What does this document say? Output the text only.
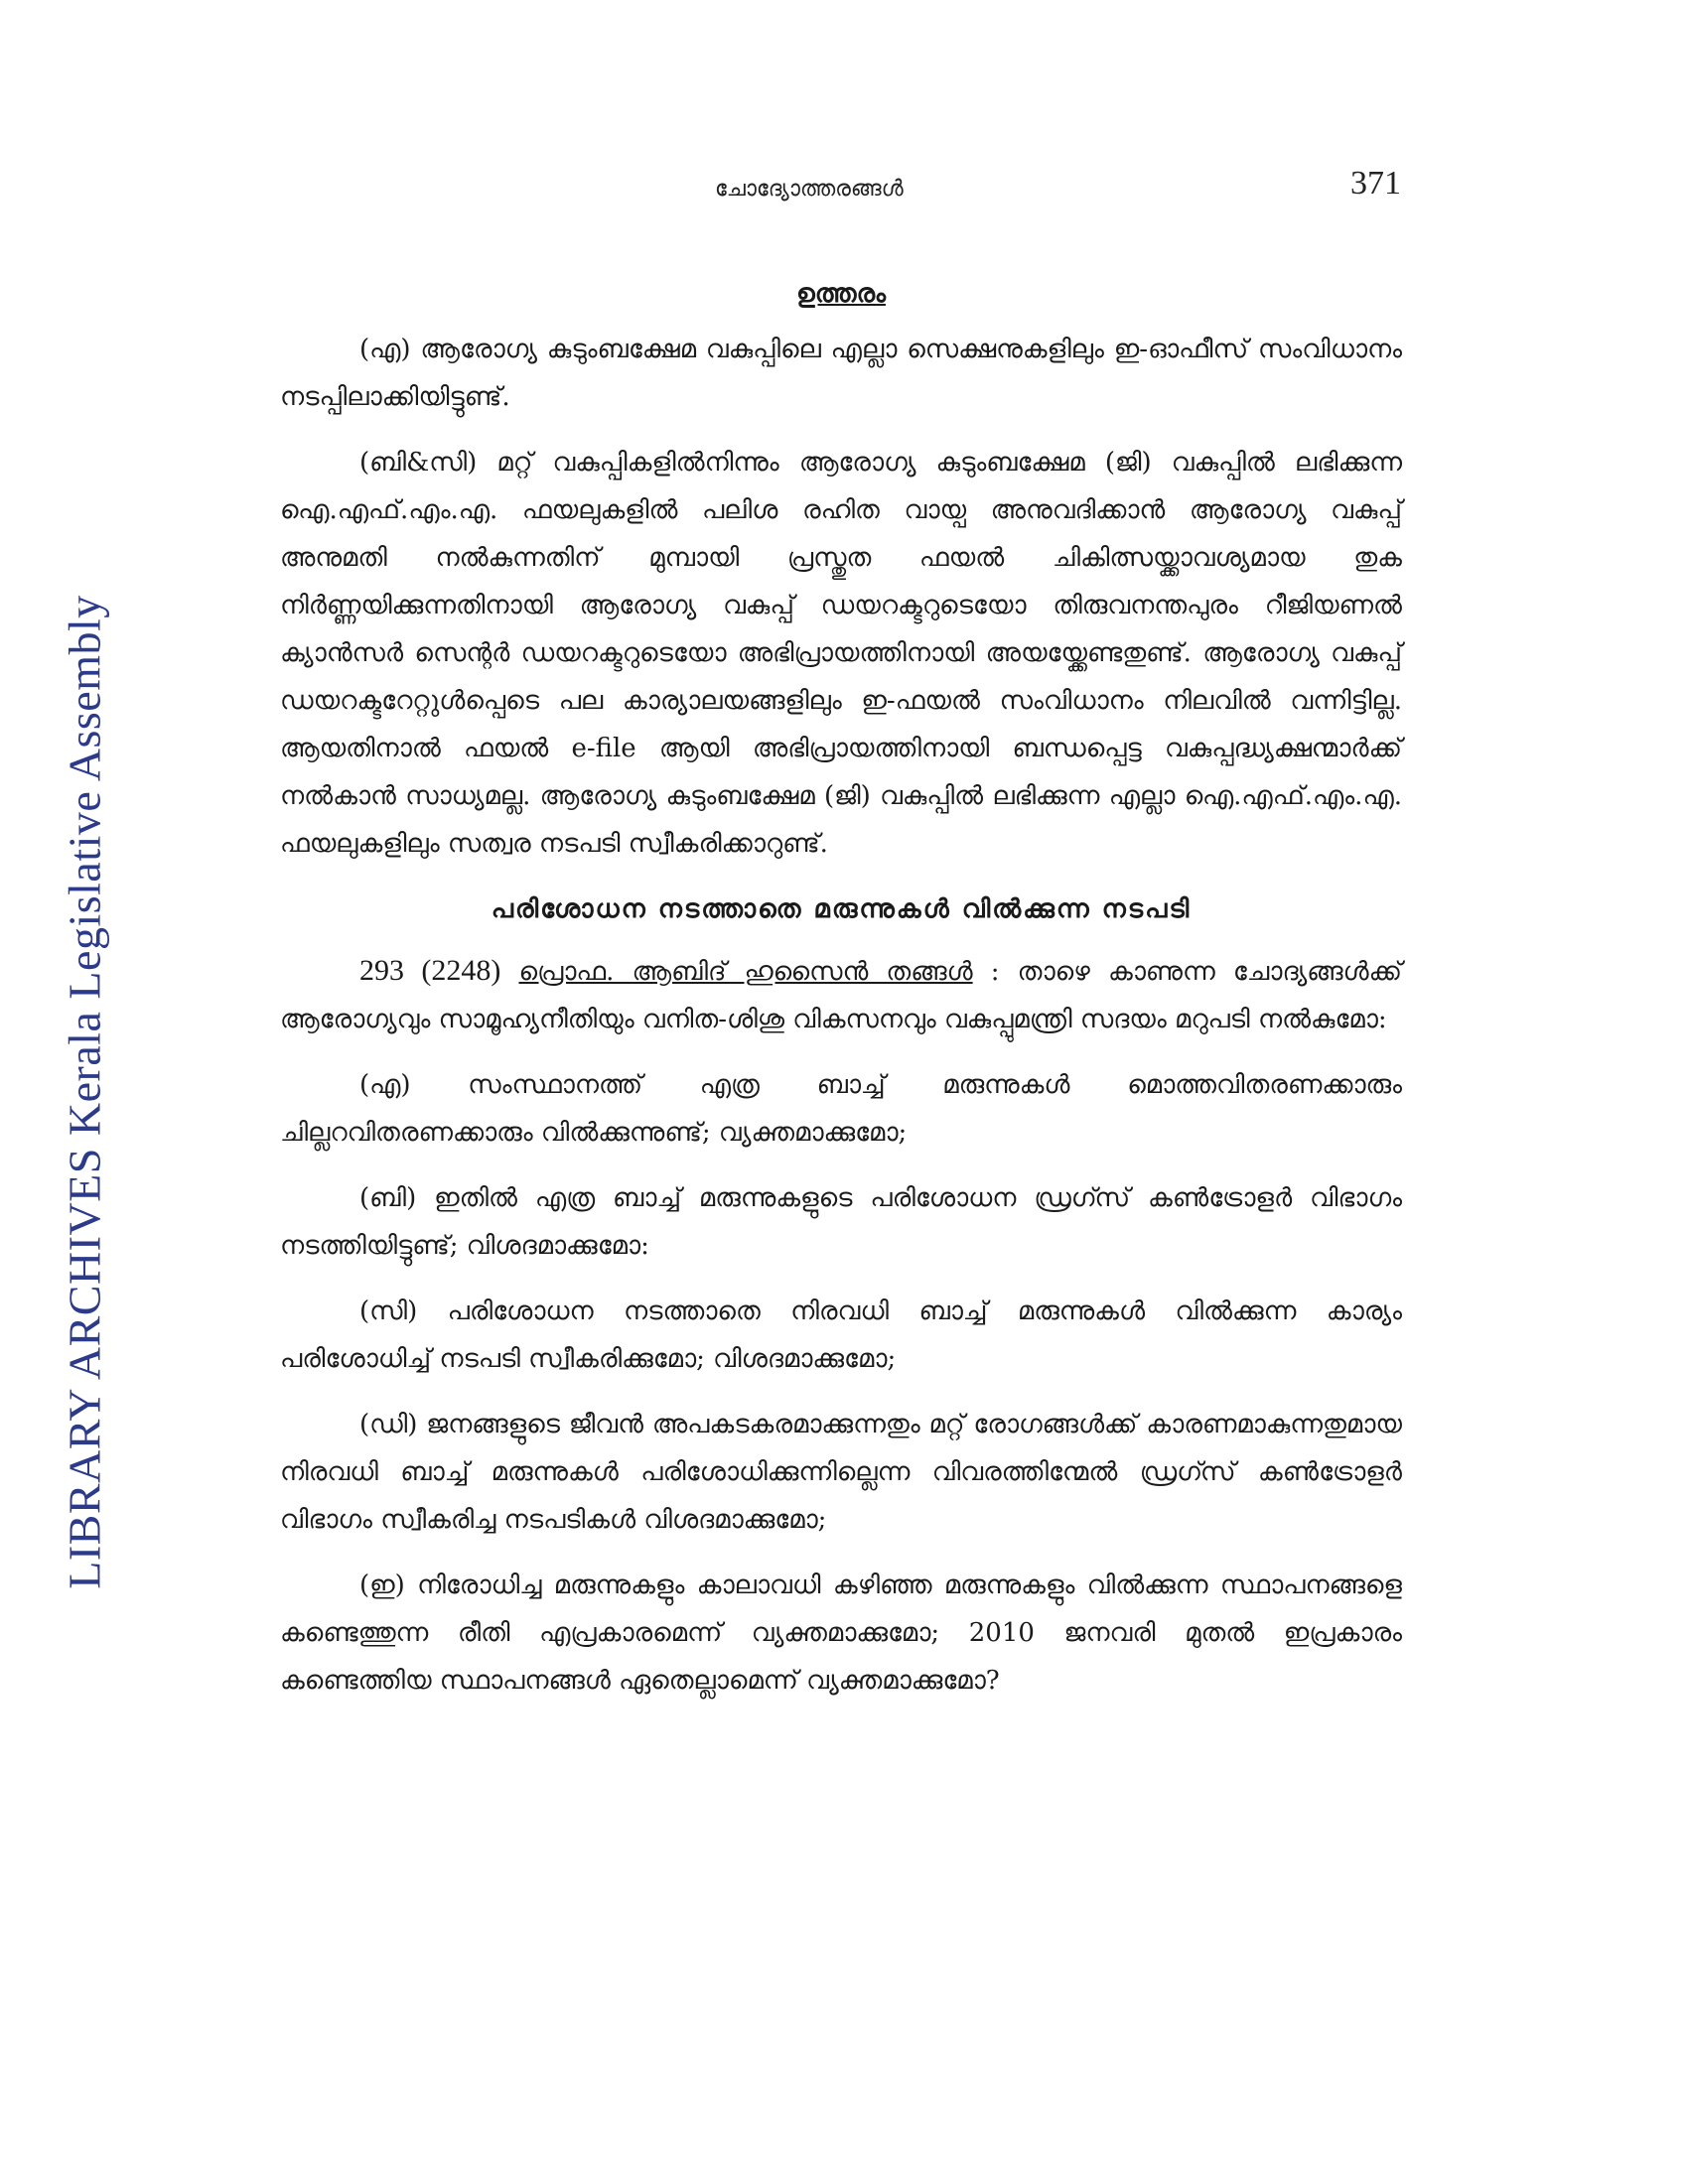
LIBRARY ARCHIVES Kerala Legislative Assembly
ചോദ്യോത്തരങ്ങൾ	371
ഉത്തരം

(എ) ആരോഗ്യ കുടുംബക്ഷേമ വകുപ്പിലെ എല്ലാ സെക്ഷനുകളിലും ഇ-ഓഫീസ് സംവിധാനം നടപ്പിലാക്കിയിട്ടുണ്ട്.

(ബി&സി) മറ്റ് വകുപ്പികളിൽനിന്നും ആരോഗ്യ കുടുംബക്ഷേമ (ജി) വകുപ്പിൽ ലഭിക്കുന്ന ഐ.എഫ്.എം.എ. ഫയലുകളിൽ പലിശ രഹിത വായ്പ അനുവദിക്കാൻ ആരോഗ്യ വകുപ്പ് അനുമതി നൽകുന്നതിന് മുമ്പായി പ്രസ്തുത ഫയൽ ചികിത്സയ്ക്കാവശ്യമായ തുക നിർണ്ണയിക്കുന്നതിനായി ആരോഗ്യ വകുപ്പ് ഡയറക്ടറുടെയോ തിരുവനന്തപുരം റീജിയണൽ ക്യാൻസർ സെന്റർ ഡയറക്ടറുടെയോ അഭിപ്രായത്തിനായി അയയ്ക്കേണ്ടതുണ്ട്. ആരോഗ്യ വകുപ്പ് ഡയറക്ടറേറ്റുൾപ്പെടെ പല കാര്യാലയങ്ങളിലും ഇ-ഫയൽ സംവിധാനം നിലവിൽ വന്നിട്ടില്ല. ആയതിനാൽ ഫയൽ e-file ആയി അഭിപ്രായത്തിനായി ബന്ധപ്പെട്ട വകുപ്പദ്ധ്യക്ഷന്മാർക്ക് നൽകാൻ സാധ്യമല്ല. ആരോഗ്യ കുടുംബക്ഷേമ (ജി) വകുപ്പിൽ ലഭിക്കുന്ന എല്ലാ ഐ.എഫ്.എം.എ. ഫയലുകളിലും സത്വര നടപടി സ്വീകരിക്കാറുണ്ട്.

പരിശോധന നടത്താതെ മരുന്നുകൾ വിൽക്കുന്ന നടപടി

293 (2248) പ്രൊഫ. ആബിദ് ഹുസൈൻ തങ്ങൾ : താഴെ കാണുന്ന ചോദ്യങ്ങൾക്ക് ആരോഗ്യവും സാമൂഹ്യനീതിയും വനിത-ശിശു വികസനവും വകുപ്പുമന്ത്രി സദയം മറുപടി നൽകുമോ:

(എ) സംസ്ഥാനത്ത് എത്ര ബാച്ച് മരുന്നുകൾ മൊത്തവിതരണക്കാരും ചില്ലറവിതരണക്കാരും വിൽക്കുന്നുണ്ട്; വ്യക്തമാക്കുമോ;

(ബി) ഇതിൽ എത്ര ബാച്ച് മരുന്നുകളുടെ പരിശോധന ഡ്രഗ്സ് കൺട്രോളർ വിഭാഗം നടത്തിയിട്ടുണ്ട്; വിശദമാക്കുമോ:

(സി) പരിശോധന നടത്താതെ നിരവധി ബാച്ച് മരുന്നുകൾ വിൽക്കുന്ന കാര്യം പരിശോധിച്ച് നടപടി സ്വീകരിക്കുമോ; വിശദമാക്കുമോ;

(ഡി) ജനങ്ങളുടെ ജീവൻ അപകടകരമാക്കുന്നതും മറ്റ് രോഗങ്ങൾക്ക് കാരണമാകുന്നതുമായ നിരവധി ബാച്ച് മരുന്നുകൾ പരിശോധിക്കുന്നില്ലെന്ന വിവരത്തിന്മേൽ ഡ്രഗ്സ് കൺട്രോളർ വിഭാഗം സ്വീകരിച്ച നടപടികൾ വിശദമാക്കുമോ;

(ഇ) നിരോധിച്ച മരുന്നുകളും കാലാവധി കഴിഞ്ഞ മരുന്നുകളും വിൽക്കുന്ന സ്ഥാപനങ്ങളെ കണ്ടെത്തുന്ന രീതി എപ്രകാരമെന്ന് വ്യക്തമാക്കുമോ; 2010 ജനവരി മുതൽ ഇപ്രകാരം കണ്ടെത്തിയ സ്ഥാപനങ്ങൾ ഏതെല്ലാമെന്ന് വ്യക്തമാക്കുമോ?
